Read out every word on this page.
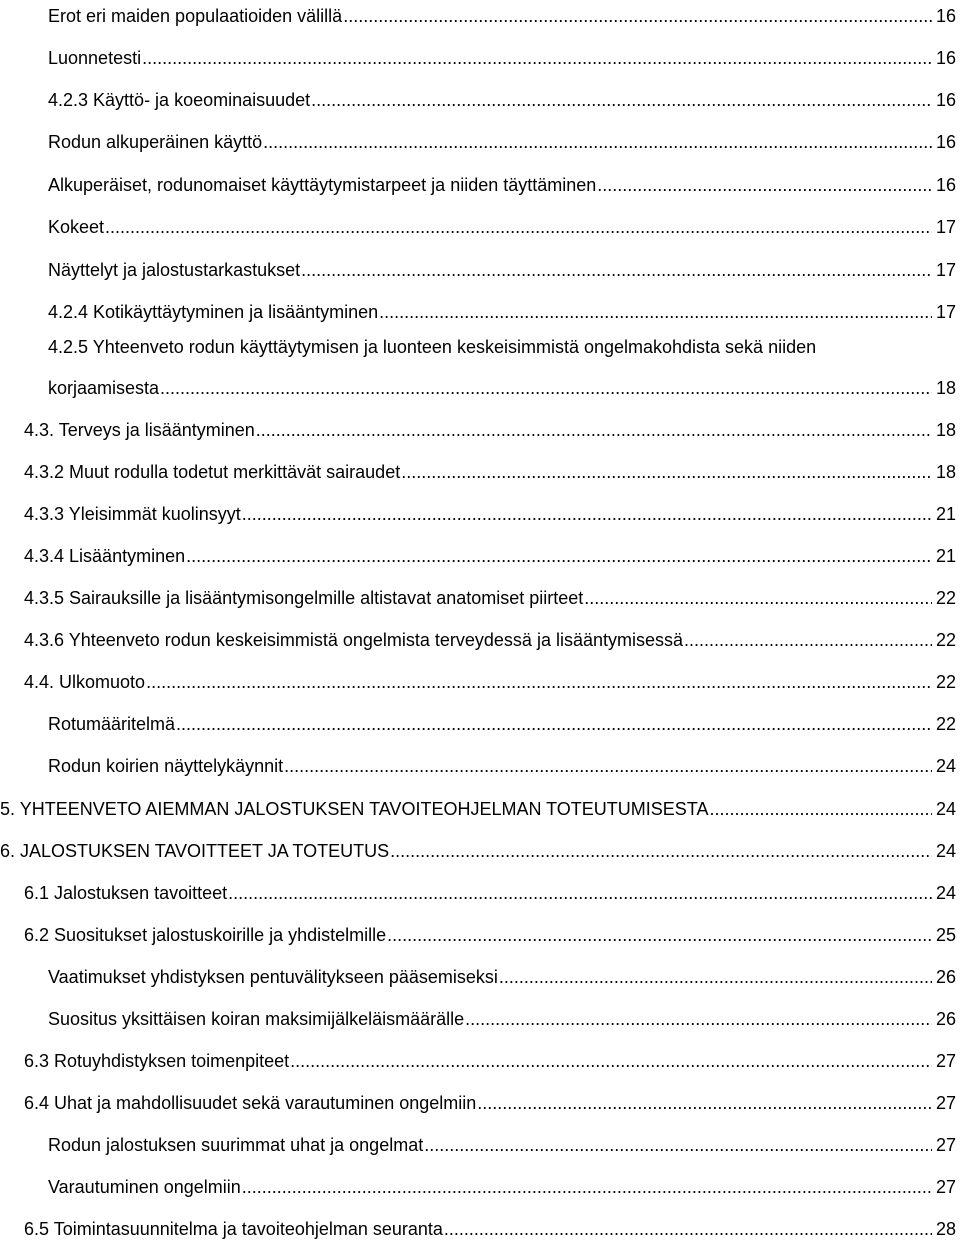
Erot eri maiden populaatioiden välillä .....	16
Luonnetesti .....	16
4.2.3 Käyttö- ja koeominaisuudet .....	16
Rodun alkuperäinen käyttö .....	16
Alkuperäiset, rodunomaiset käyttäytymistarpeet ja niiden täyttäminen .....	16
Kokeet .....	17
Näyttelyt ja jalostustarkastukset .....	17
4.2.4 Kotikäyttäytyminen ja lisääntyminen .....	17
4.2.5 Yhteenveto rodun käyttäytymisen ja luonteen keskeisimmistä ongelmakohdista sekä niiden
korjaamisesta .....	18
4.3. Terveys ja lisääntyminen .....	18
4.3.2 Muut rodulla todetut merkittävät sairaudet .....	18
4.3.3 Yleisimmät kuolinsyyt .....	21
4.3.4 Lisääntyminen .....	21
4.3.5 Sairauksille ja lisääntymisongelmille altistavat anatomiset piirteet .....	22
4.3.6 Yhteenveto rodun keskeisimmistä ongelmista terveydessä ja lisääntymisessä .....	22
4.4. Ulkomuoto .....	22
Rotumääritelmä .....	22
Rodun koirien näyttelykäynnit .....	24
5. YHTEENVETO AIEMMAN JALOSTUKSEN TAVOITEOHJELMAN TOTEUTUMISESTA .....	24
6. JALOSTUKSEN TAVOITTEET JA TOTEUTUS .....	24
6.1 Jalostuksen tavoitteet .....	24
6.2 Suositukset jalostuskoirille ja yhdistelmille .....	25
Vaatimukset yhdistyksen pentuvälitykseen pääsemiseksi .....	26
Suositus yksittäisen koiran maksimijälkeläismäärälle .....	26
6.3 Rotuyhdistyksen toimenpiteet .....	27
6.4 Uhat ja mahdollisuudet sekä varautuminen ongelmiin .....	27
Rodun jalostuksen suurimmat uhat ja ongelmat .....	27
Varautuminen ongelmiin .....	27
6.5 Toimintasuunnitelma ja tavoiteohjelman seuranta .....	28
